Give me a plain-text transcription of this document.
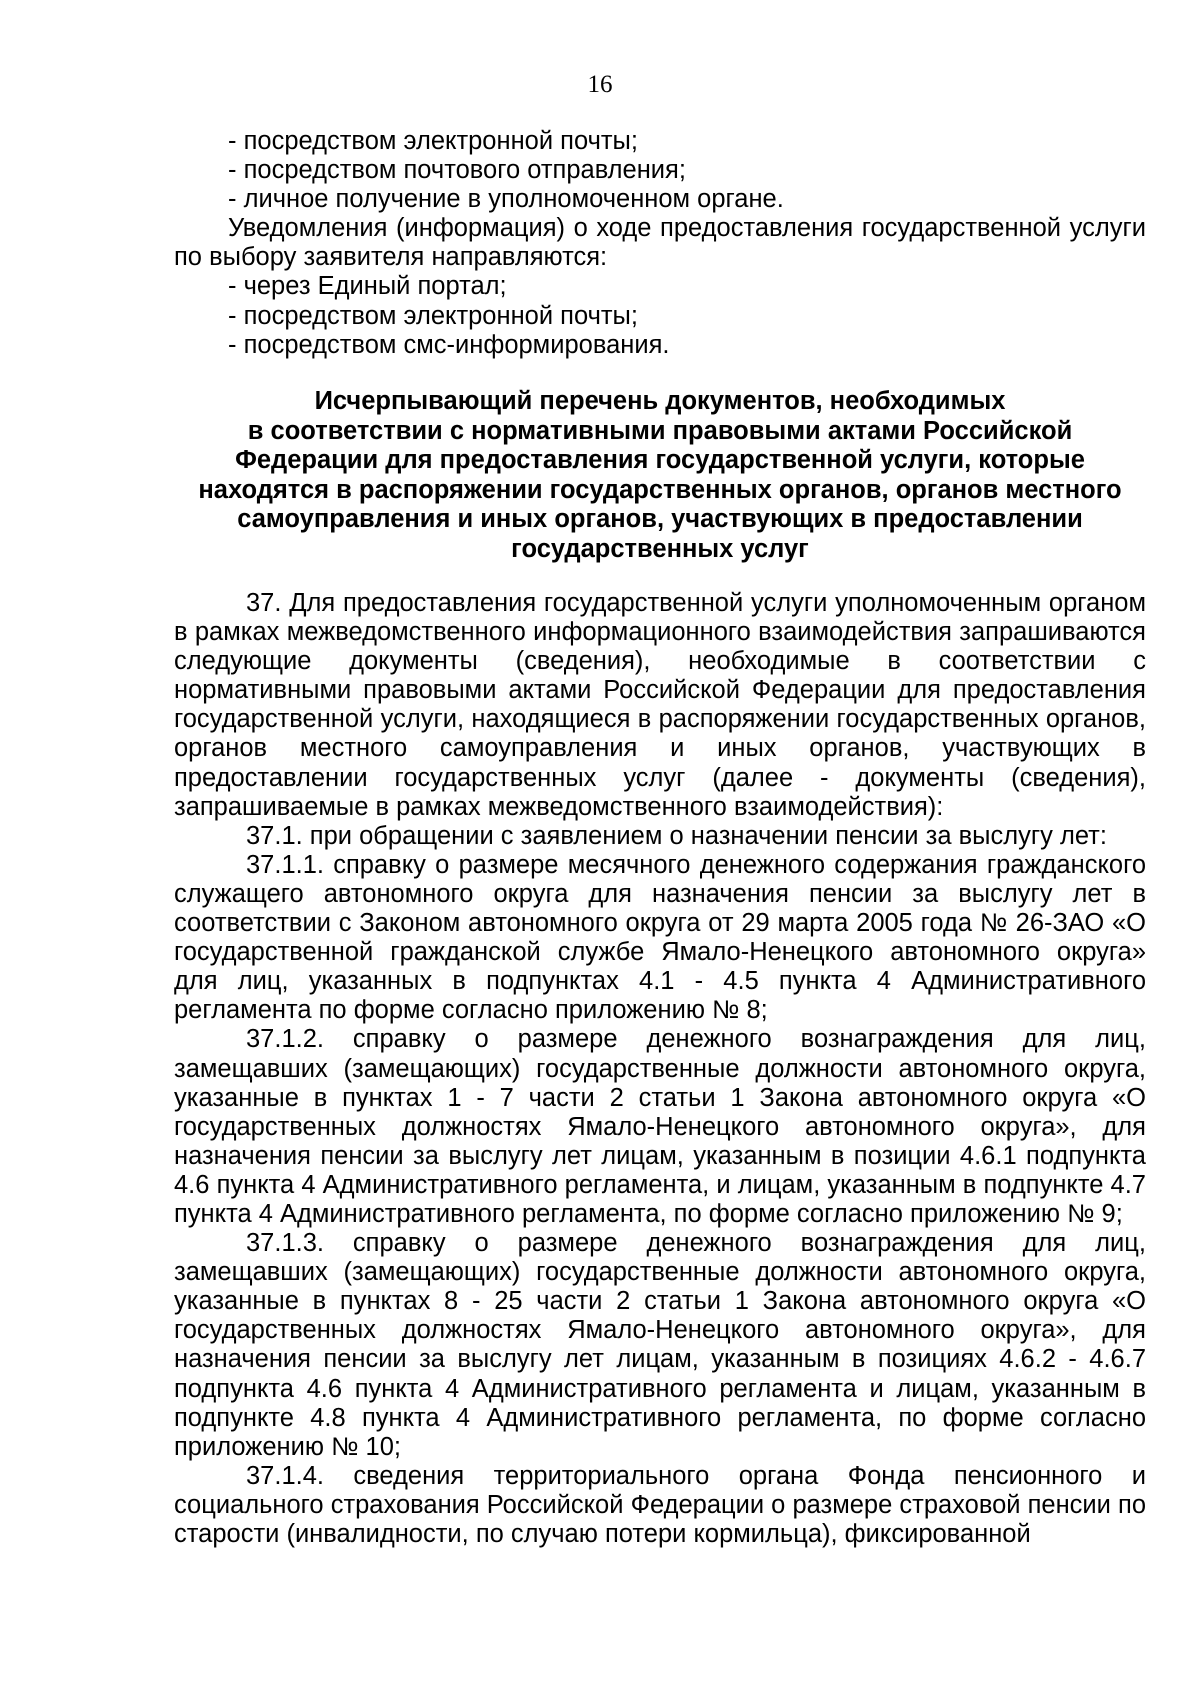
16

- посредством электронной почты;

- посредством почтового отправления;

- личное получение в уполномоченном органе.

Уведомления (информация) о ходе предоставления государственной услуги по выбору заявителя направляются:

- через Единый портал;

- посредством электронной почты;

- посредством смс-информирования.

Исчерпывающий перечень документов, необходимых
в соответствии с нормативными правовыми актами Российской
Федерации для предоставления государственной услуги, которые
находятся в распоряжении государственных органов, органов местного
самоуправления и иных органов, участвующих в предоставлении
государственных услуг

37. Для предоставления государственной услуги уполномоченным органом в рамках межведомственного информационного взаимодействия запрашиваются следующие документы (сведения), необходимые в соответствии с нормативными правовыми актами Российской Федерации для предоставления государственной услуги, находящиеся в распоряжении государственных органов, органов местного самоуправления и иных органов, участвующих в предоставлении государственных услуг (далее - документы (сведения), запрашиваемые в рамках межведомственного взаимодействия):

37.1. при обращении с заявлением о назначении пенсии за выслугу лет:

37.1.1. справку о размере месячного денежного содержания гражданского служащего автономного округа для назначения пенсии за выслугу лет в соответствии с Законом автономного округа от 29 марта 2005 года № 26-ЗАО «О государственной гражданской службе Ямало-Ненецкого автономного округа» для лиц, указанных в подпунктах 4.1 - 4.5 пункта 4 Административного регламента по форме согласно приложению № 8;

37.1.2. справку о размере денежного вознаграждения для лиц, замещавших (замещающих) государственные должности автономного округа, указанные в пунктах 1 - 7 части 2 статьи 1 Закона автономного округа «О государственных должностях Ямало-Ненецкого автономного округа», для назначения пенсии за выслугу лет лицам, указанным в позиции 4.6.1 подпункта 4.6 пункта 4 Административного регламента, и лицам, указанным в подпункте 4.7 пункта 4 Административного регламента, по форме согласно приложению № 9;

37.1.3. справку о размере денежного вознаграждения для лиц, замещавших (замещающих) государственные должности автономного округа, указанные в пунктах 8 - 25 части 2 статьи 1 Закона автономного округа «О государственных должностях Ямало-Ненецкого автономного округа», для назначения пенсии за выслугу лет лицам, указанным в позициях 4.6.2 - 4.6.7 подпункта 4.6 пункта 4 Административного регламента и лицам, указанным в подпункте 4.8 пункта 4 Административного регламента, по форме согласно приложению № 10;

37.1.4. сведения территориального органа Фонда пенсионного и социального страхования Российской Федерации о размере страховой пенсии по старости (инвалидности, по случаю потери кормильца), фиксированной
